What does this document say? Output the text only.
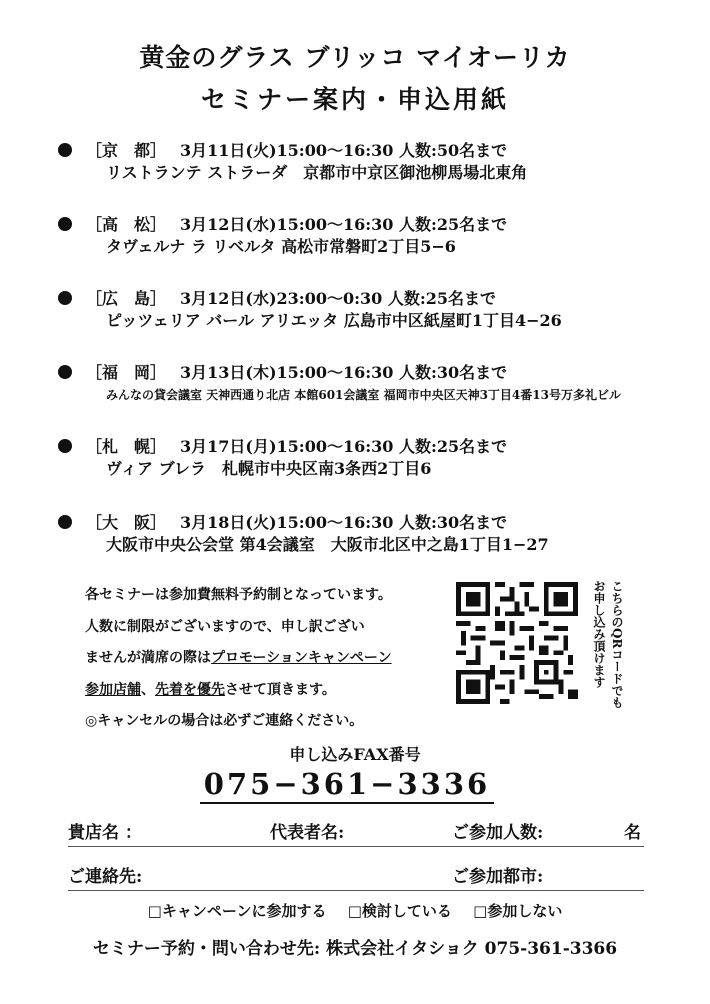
黄金のグラス ブリッコ マイオーリカ
セミナー案内・申込用紙
［京　都］ 3月11日(火)15:00～16:30 人数:50名まで
リストランテ ストラーダ　京都市中京区御池柳馬場北東角
［高　松］ 3月12日(水)15:00～16:30 人数:25名まで
タヴェルナ ラ リベルタ 高松市常磐町2丁目5−6
［広　島］ 3月12日(水)23:00～0:30 人数:25名まで
ピッツェリア バール アリエッタ 広島市中区紙屋町1丁目4−26
［福　岡］ 3月13日(木)15:00～16:30 人数:30名まで
みんなの貸会議室 天神西通り北店 本館601会議室 福岡市中央区天神3丁目4番13号万多礼ビル
［札　幌］ 3月17日(月)15:00～16:30 人数:25名まで
ヴィア ブレラ　札幌市中央区南3条西2丁目6
［大　阪］ 3月18日(火)15:00～16:30 人数:30名まで
大阪市中央公会堂 第4会議室　大阪市北区中之島1丁目1−27
各セミナーは参加費無料予約制となっています。
人数に制限がございますので、申し訳ござい
ませんが満席の際はプロモーションキャンペーン
参加店舗、先着を優先させて頂きます。
◎キャンセルの場合は必ずご連絡ください。
こちらのQRコードでもお申し込み頂けます
申し込みFAX番号
075−361−3336
貴店名 ：	代表者名:	ご参加人数:	名
ご連絡先:	ご参加都市:
□キャンペーンに参加する □検討している □参加しない
セミナー予約・問い合わせ先: 株式会社イタショク 075-361-3366
